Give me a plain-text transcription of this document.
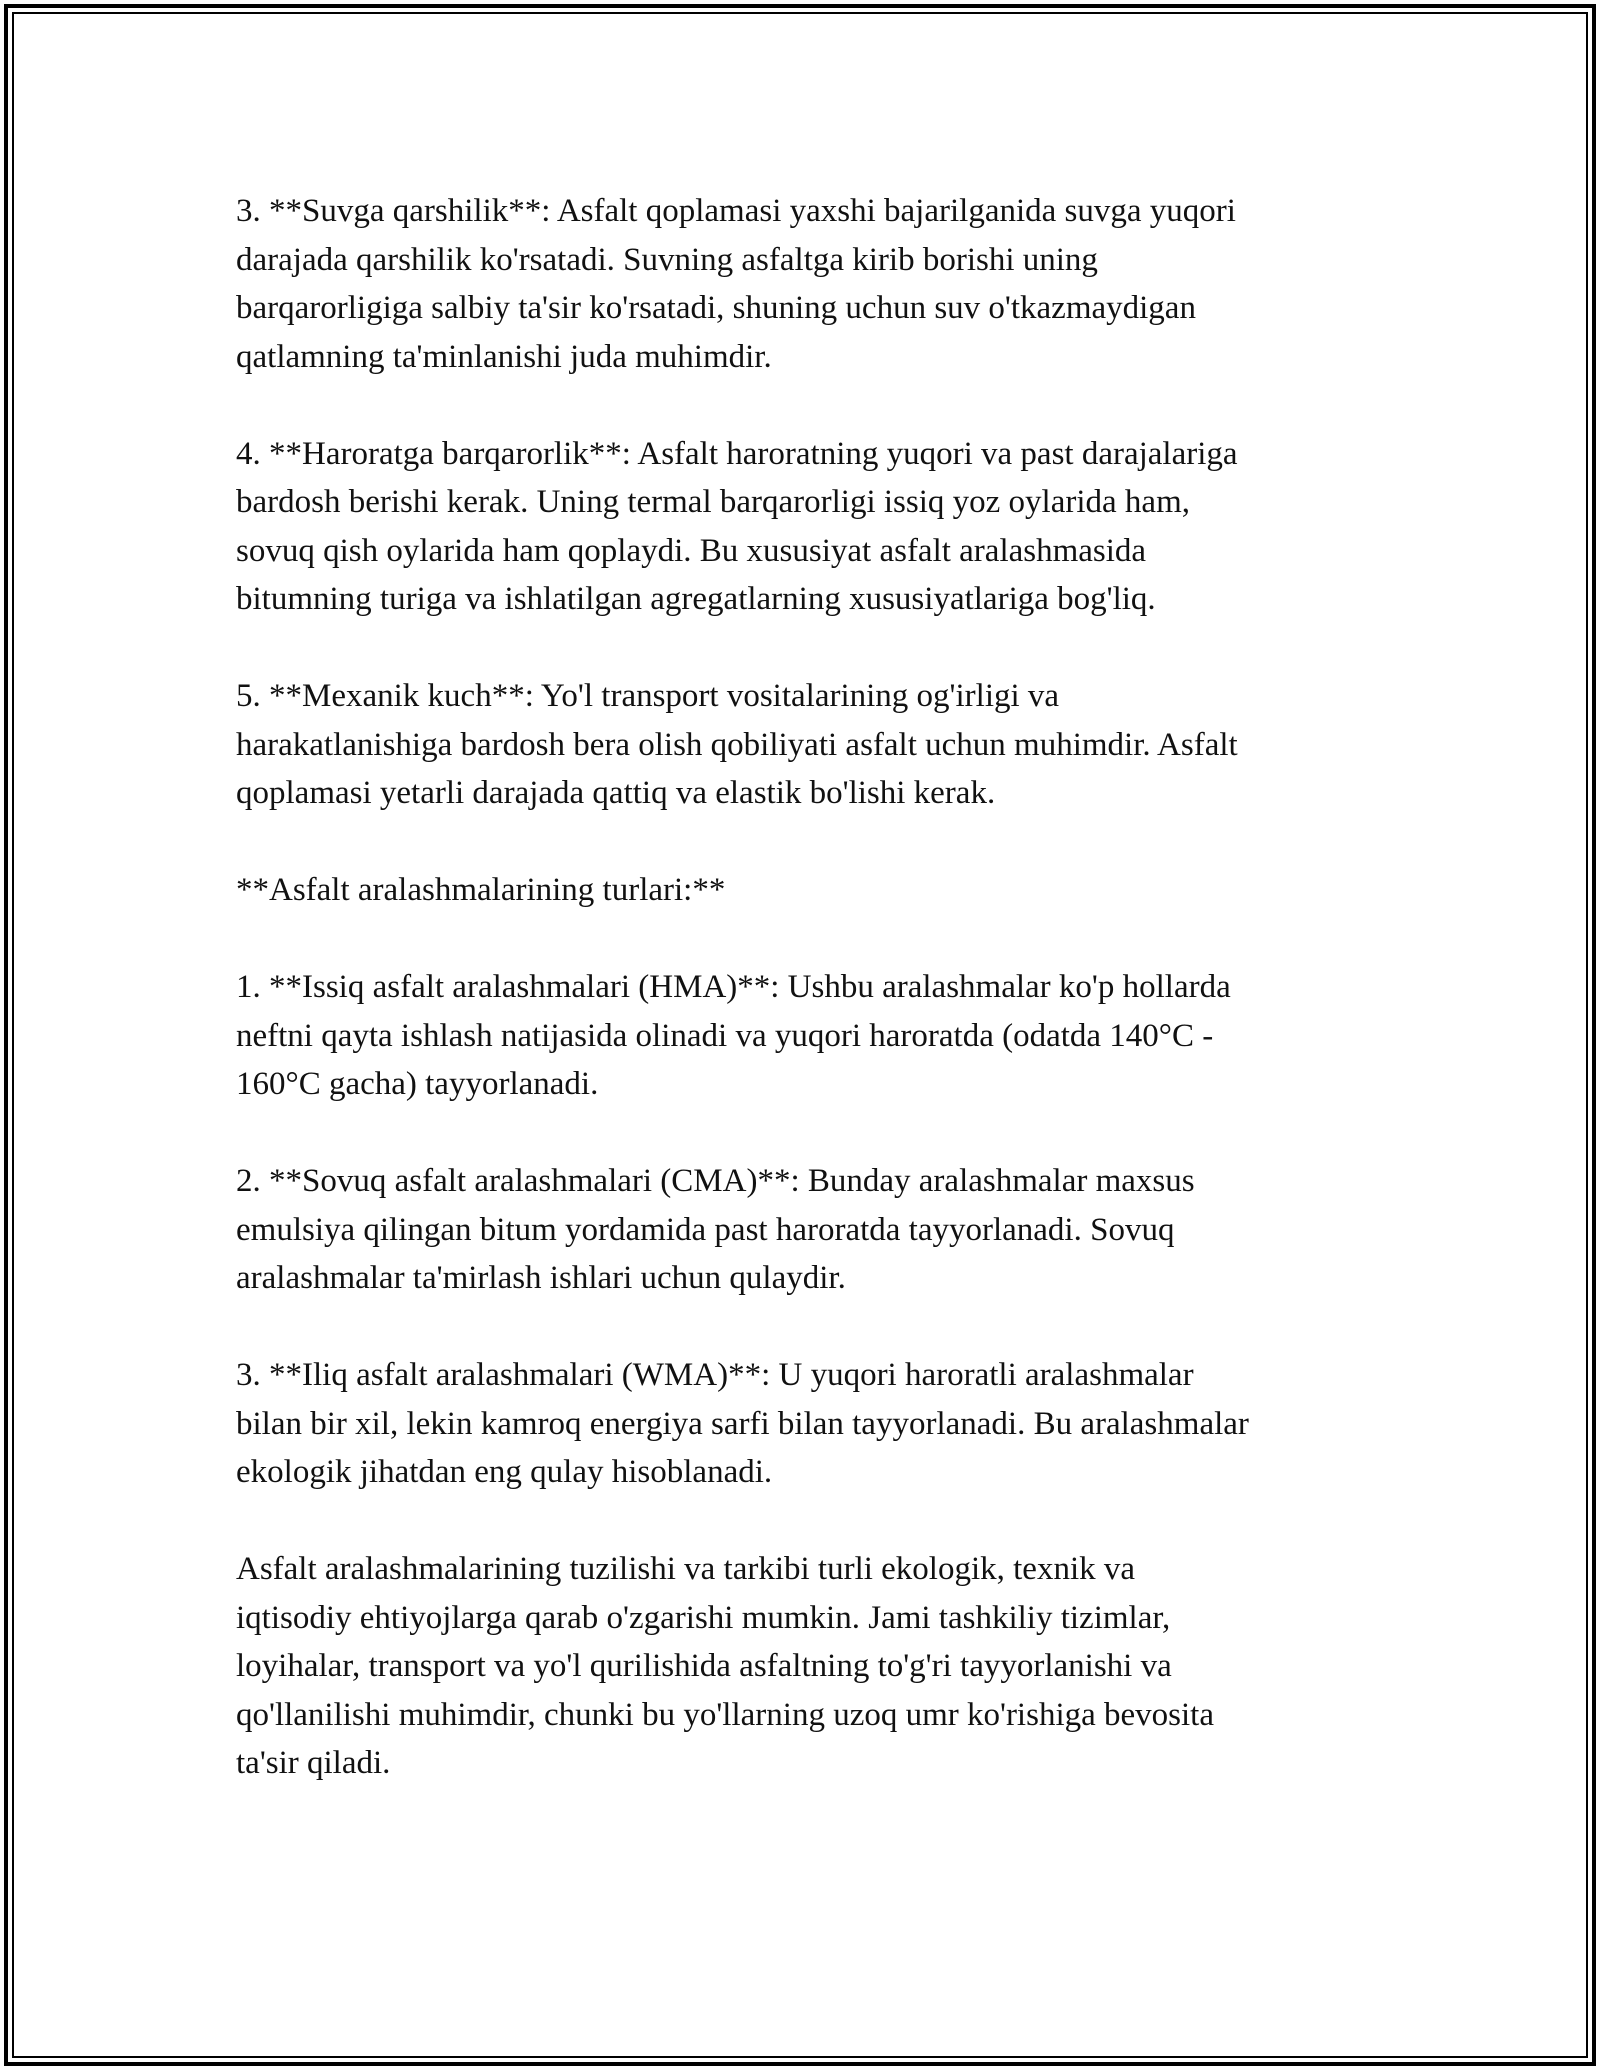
3. **Suvga qarshilik**: Asfalt qoplamasi yaxshi bajarilganida suvga yuqori
darajada qarshilik ko'rsatadi. Suvning asfaltga kirib borishi uning
barqarorligiga salbiy ta'sir ko'rsatadi, shuning uchun suv o'tkazmaydigan
qatlamning ta'minlanishi juda muhimdir.

4. **Haroratga barqarorlik**: Asfalt haroratning yuqori va past darajalariga
bardosh berishi kerak. Uning termal barqarorligi issiq yoz oylarida ham,
sovuq qish oylarida ham qoplaydi. Bu xususiyat asfalt aralashmasida
bitumning turiga va ishlatilgan agregatlarning xususiyatlariga bog'liq.

5. **Mexanik kuch**: Yo'l transport vositalarining og'irligi va
harakatlanishiga bardosh bera olish qobiliyati asfalt uchun muhimdir. Asfalt
qoplamasi yetarli darajada qattiq va elastik bo'lishi kerak.

**Asfalt aralashmalarining turlari:**

1. **Issiq asfalt aralashmalari (HMA)**: Ushbu aralashmalar ko'p hollarda
neftni qayta ishlash natijasida olinadi va yuqori haroratda (odatda 140°C -
160°C gacha) tayyorlanadi.

2. **Sovuq asfalt aralashmalari (CMA)**: Bunday aralashmalar maxsus
emulsiya qilingan bitum yordamida past haroratda tayyorlanadi. Sovuq
aralashmalar ta'mirlash ishlari uchun qulaydir.

3. **Iliq asfalt aralashmalari (WMA)**: U yuqori haroratli aralashmalar
bilan bir xil, lekin kamroq energiya sarfi bilan tayyorlanadi. Bu aralashmalar
ekologik jihatdan eng qulay hisoblanadi.

Asfalt aralashmalarining tuzilishi va tarkibi turli ekologik, texnik va
iqtisodiy ehtiyojlarga qarab o'zgarishi mumkin. Jami tashkiliy tizimlar,
loyihalar, transport va yo'l qurilishida asfaltning to'g'ri tayyorlanishi va
qo'llanilishi muhimdir, chunki bu yo'llarning uzoq umr ko'rishiga bevosita
ta'sir qiladi.
